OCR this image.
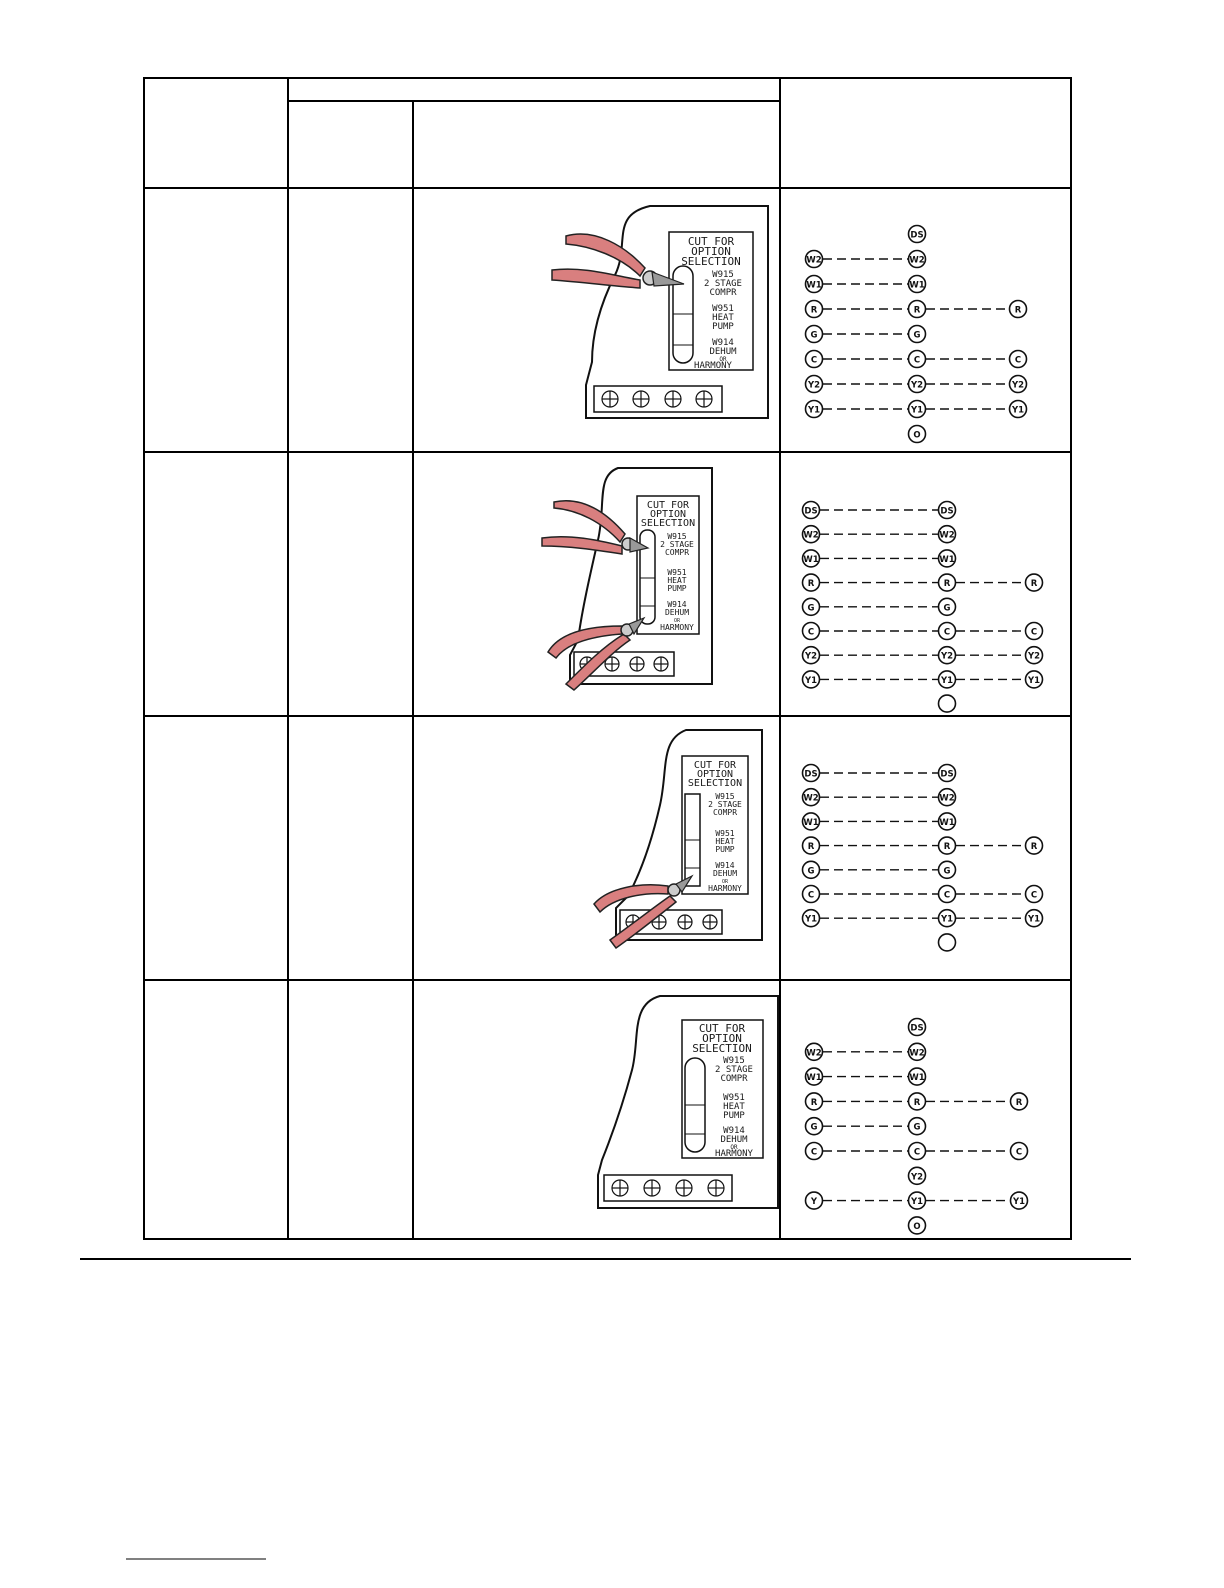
CUT FOR
OPTION
SELECTION
W915
2 STAGE
COMPR
W951
HEAT
PUMP
W914
DEHUM
OR
HARMONY
CUT FOR
OPTION
SELECTION
W915
2 STAGE
COMPR
W951
HEAT
PUMP
W914
DEHUM
OR
HARMONY
CUT FOR
OPTION
SELECTION
W915
2 STAGE
COMPR
W951
HEAT
PUMP
W914
DEHUM
OR
HARMONY
CUT FOR
OPTION
SELECTION
W915
2 STAGE
COMPR
W951
HEAT
PUMP
W914
DEHUM
OR
HARMONY
DS
W2	W2
W1	W1
R	R	R
G	G
C	C	C
Y2	Y2	Y2
Y1	Y1	Y1
O
DS	DS
W2	W2
W1	W1
R	R	R
G	G
C	C	C
Y2	Y2	Y2
Y1	Y1	Y1
DS	DS
W2	W2
W1	W1
R	R	R
G	G
C	C	C
Y1	Y1	Y1
DS
W2	W2
W1	W1
R	R	R
G	G
C	C	C
Y2
Y	Y1	Y1
O
